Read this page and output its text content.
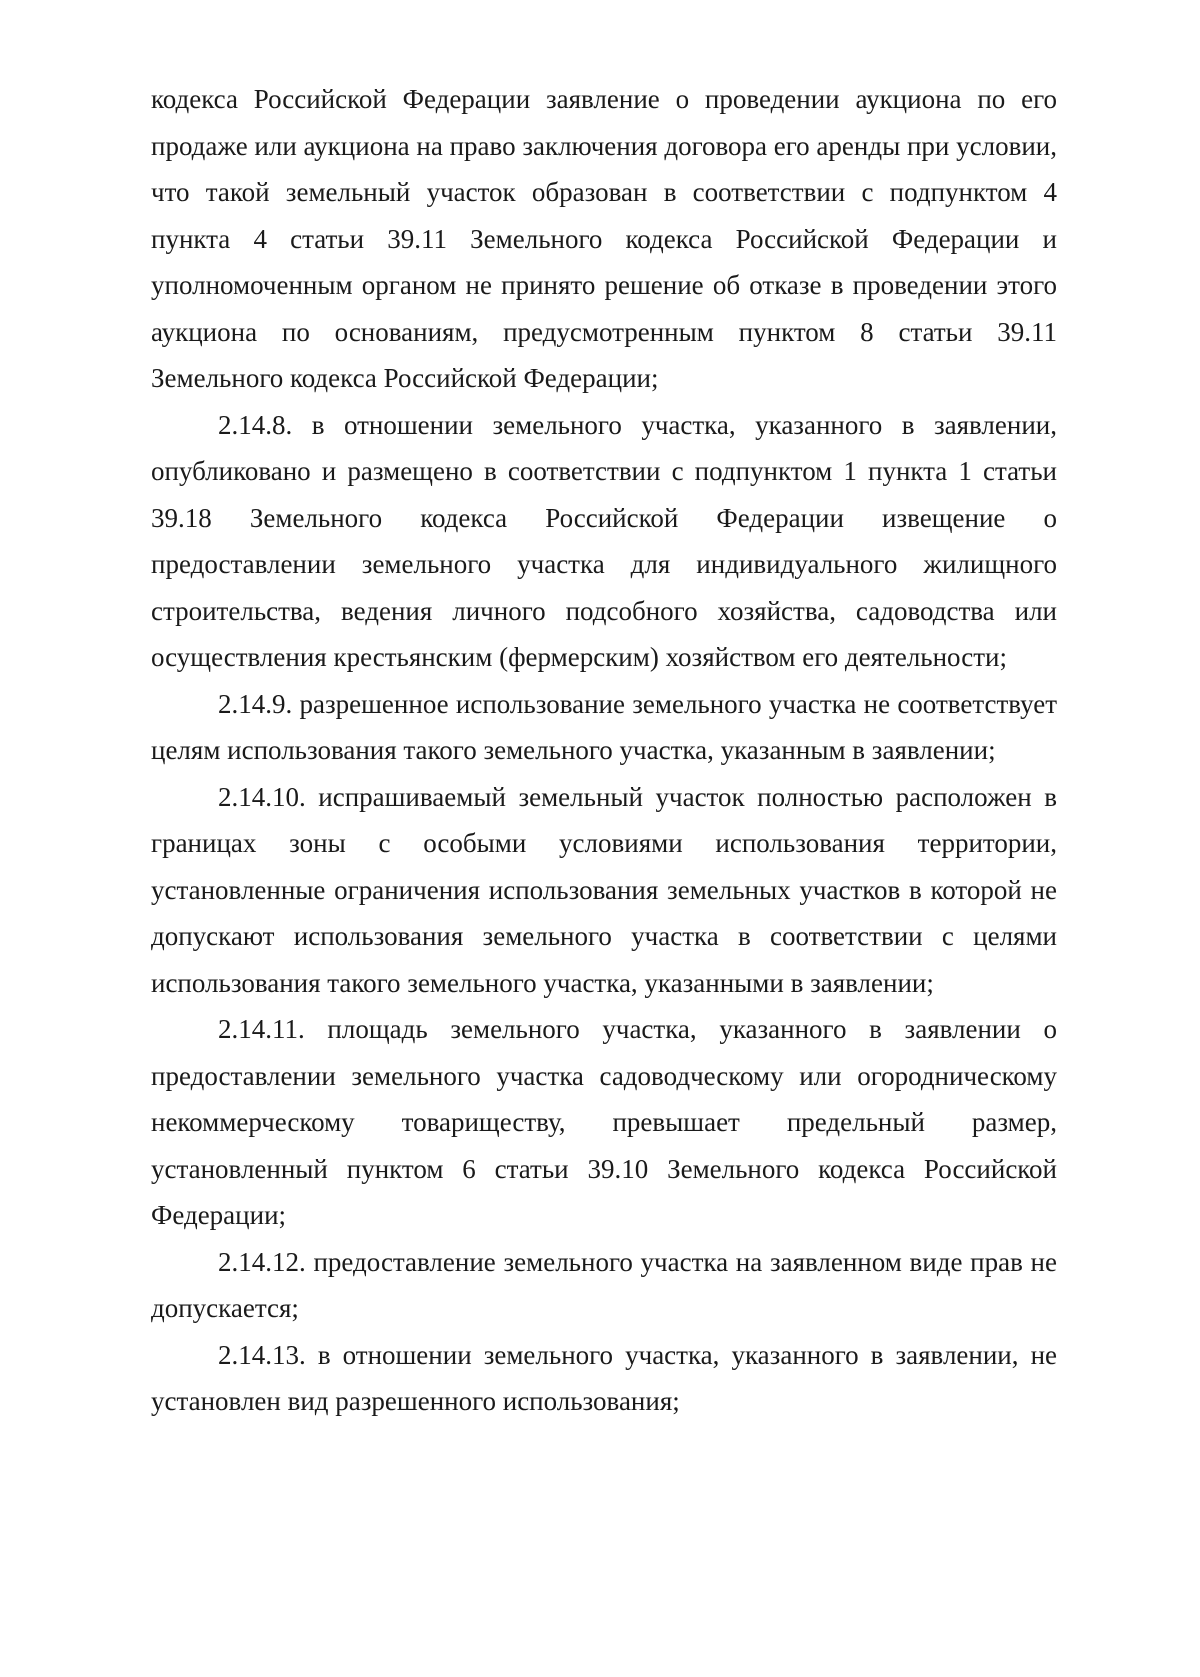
кодекса Российской Федерации заявление о проведении аукциона по его продаже или аукциона на право заключения договора его аренды при условии, что такой земельный участок образован в соответствии с подпунктом 4 пункта 4 статьи 39.11 Земельного кодекса Российской Федерации и уполномоченным органом не принято решение об отказе в проведении этого аукциона по основаниям, предусмотренным пунктом 8 статьи 39.11 Земельного кодекса Российской Федерации;

2.14.8. в отношении земельного участка, указанного в заявлении, опубликовано и размещено в соответствии с подпунктом 1 пункта 1 статьи 39.18 Земельного кодекса Российской Федерации извещение о предоставлении земельного участка для индивидуального жилищного строительства, ведения личного подсобного хозяйства, садоводства или осуществления крестьянским (фермерским) хозяйством его деятельности;

2.14.9. разрешенное использование земельного участка не соответствует целям использования такого земельного участка, указанным в заявлении;

2.14.10. испрашиваемый земельный участок полностью расположен в границах зоны с особыми условиями использования территории, установленные ограничения использования земельных участков в которой не допускают использования земельного участка в соответствии с целями использования такого земельного участка, указанными в заявлении;

2.14.11. площадь земельного участка, указанного в заявлении о предоставлении земельного участка садоводческому или огородническому некоммерческому товариществу, превышает предельный размер, установленный пунктом 6 статьи 39.10 Земельного кодекса Российской Федерации;

2.14.12. предоставление земельного участка на заявленном виде прав не допускается;

2.14.13. в отношении земельного участка, указанного в заявлении, не установлен вид разрешенного использования;
